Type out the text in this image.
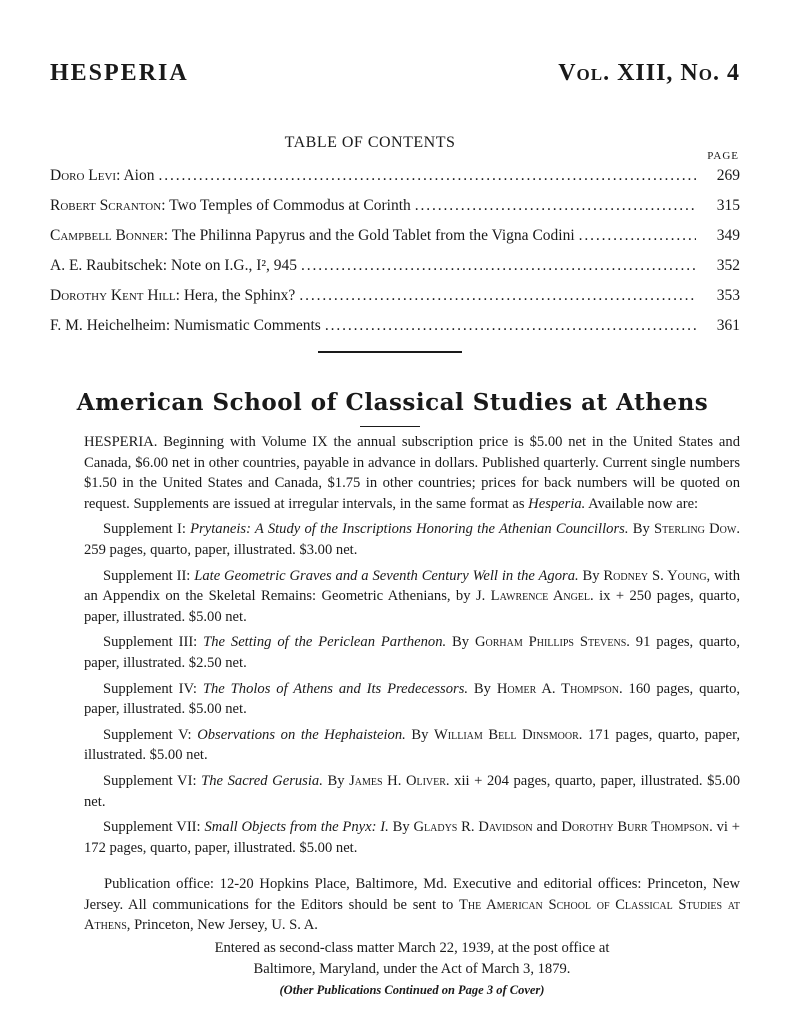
HESPERIA	Vol. XIII, No. 4
TABLE OF CONTENTS
PAGE
Doro Levi: Aion . . .	269
Robert Scranton: Two Temples of Commodus at Corinth . . .	315
Campbell Bonner: The Philinna Papyrus and the Gold Tablet from the Vigna Codini . . .	349
A. E. Raubitschek: Note on I.G., I², 945 . . .	352
Dorothy Kent Hill: Hera, the Sphinx? . . .	353
F. M. Heichelheim: Numismatic Comments . . .	361
American School of Classical Studies at Athens

HESPERIA. Beginning with Volume IX the annual subscription price is $5.00 net in the United States and Canada, $6.00 net in other countries, payable in advance in dollars. Published quarterly. Current single numbers $1.50 in the United States and Canada, $1.75 in other countries; prices for back numbers will be quoted on request. Supplements are issued at irregular intervals, in the same format as Hesperia. Available now are:

Supplement I: Prytaneis: A Study of the Inscriptions Honoring the Athenian Councillors. By Sterling Dow. 259 pages, quarto, paper, illustrated. $3.00 net.

Supplement II: Late Geometric Graves and a Seventh Century Well in the Agora. By Rodney S. Young, with an Appendix on the Skeletal Remains: Geometric Athenians, by J. Lawrence Angel. ix + 250 pages, quarto, paper, illustrated. $5.00 net.

Supplement III: The Setting of the Periclean Parthenon. By Gorham Phillips Stevens. 91 pages, quarto, paper, illustrated. $2.50 net.

Supplement IV: The Tholos of Athens and Its Predecessors. By Homer A. Thompson. 160 pages, quarto, paper, illustrated. $5.00 net.

Supplement V: Observations on the Hephaisteion. By William Bell Dinsmoor. 171 pages, quarto, paper, illustrated. $5.00 net.

Supplement VI: The Sacred Gerusia. By James H. Oliver. xii + 204 pages, quarto, paper, illustrated. $5.00 net.

Supplement VII: Small Objects from the Pnyx: I. By Gladys R. Davidson and Dorothy Burr Thompson. vi + 172 pages, quarto, paper, illustrated. $5.00 net.

Publication office: 12-20 Hopkins Place, Baltimore, Md. Executive and editorial offices: Princeton, New Jersey. All communications for the Editors should be sent to The American School of Classical Studies at Athens, Princeton, New Jersey, U. S. A.

Entered as second-class matter March 22, 1939, at the post office at
Baltimore, Maryland, under the Act of March 3, 1879.
(Other Publications Continued on Page 3 of Cover)
